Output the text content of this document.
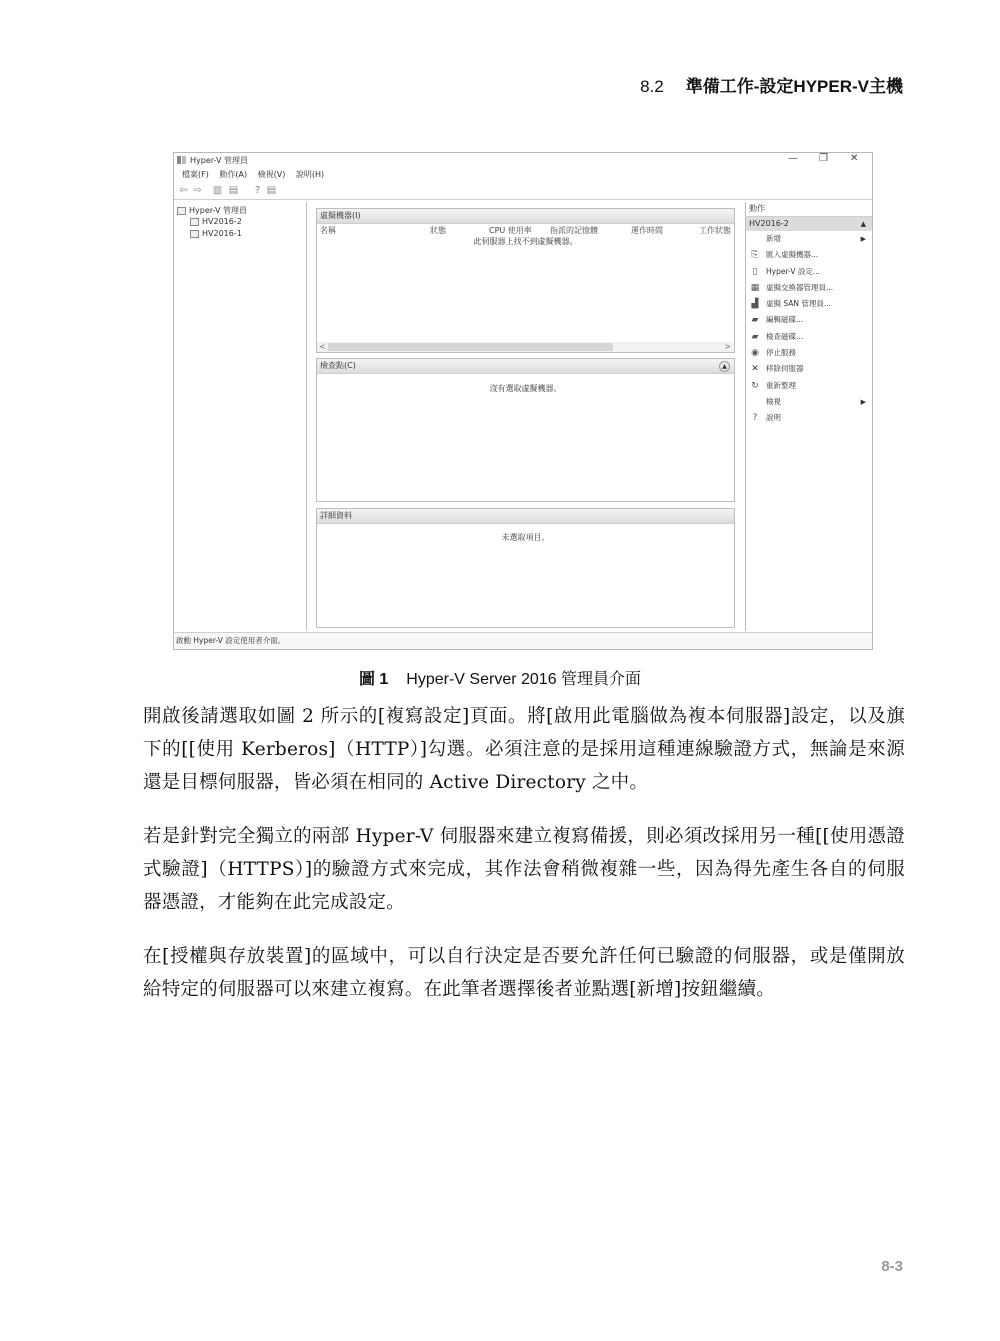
8.2 準備工作-設定HYPER-V主機
Hyper-V 管理員	— ❐ ✕
檔案(F) 動作(A) 檢視(V) 說明(H)
⇦ ⇨ ▥ ▤ ? ▤
Hyper-V 管理員
HV2016-2
HV2016-1
虛擬機器(I)
名稱	狀態	CPU 使用率 指派的記憶體	運作時間	工作狀態
此伺服器上找不到虛擬機器。
<	>
檢查點(C)	▲
沒有選取虛擬機器。
詳細資料
未選取項目。
動作
HV2016-2	▲
新增	▶
⎘ 匯入虛擬機器...
▯	Hyper-V 設定...
▦ 虛擬交換器管理員...
▟ 虛擬 SAN 管理員...
▰ 編輯磁碟...
▰ 檢查磁碟...
◉ 停止服務
✕ 移除伺服器
↻ 重新整理
檢視	▶
?	說明
啟動 Hyper-V 設定使用者介面。
圖 1 Hyper-V Server 2016 管理員介面

開啟後請選取如圖 2 所示的[複寫設定]頁面。將[啟用此電腦做為複本伺服器]設定，以及旗下的[[使用 Kerberos]（HTTP）]勾選。必須注意的是採用這種連線驗證方式，無論是來源還是目標伺服器，皆必須在相同的 Active Directory 之中。

若是針對完全獨立的兩部 Hyper-V 伺服器來建立複寫備援，則必須改採用另一種[[使用憑證式驗證]（HTTPS）]的驗證方式來完成，其作法會稍微複雜一些，因為得先產生各自的伺服器憑證，才能夠在此完成設定。

在[授權與存放裝置]的區域中，可以自行決定是否要允許任何已驗證的伺服器，或是僅開放給特定的伺服器可以來建立複寫。在此筆者選擇後者並點選[新增]按鈕繼續。

8-3
